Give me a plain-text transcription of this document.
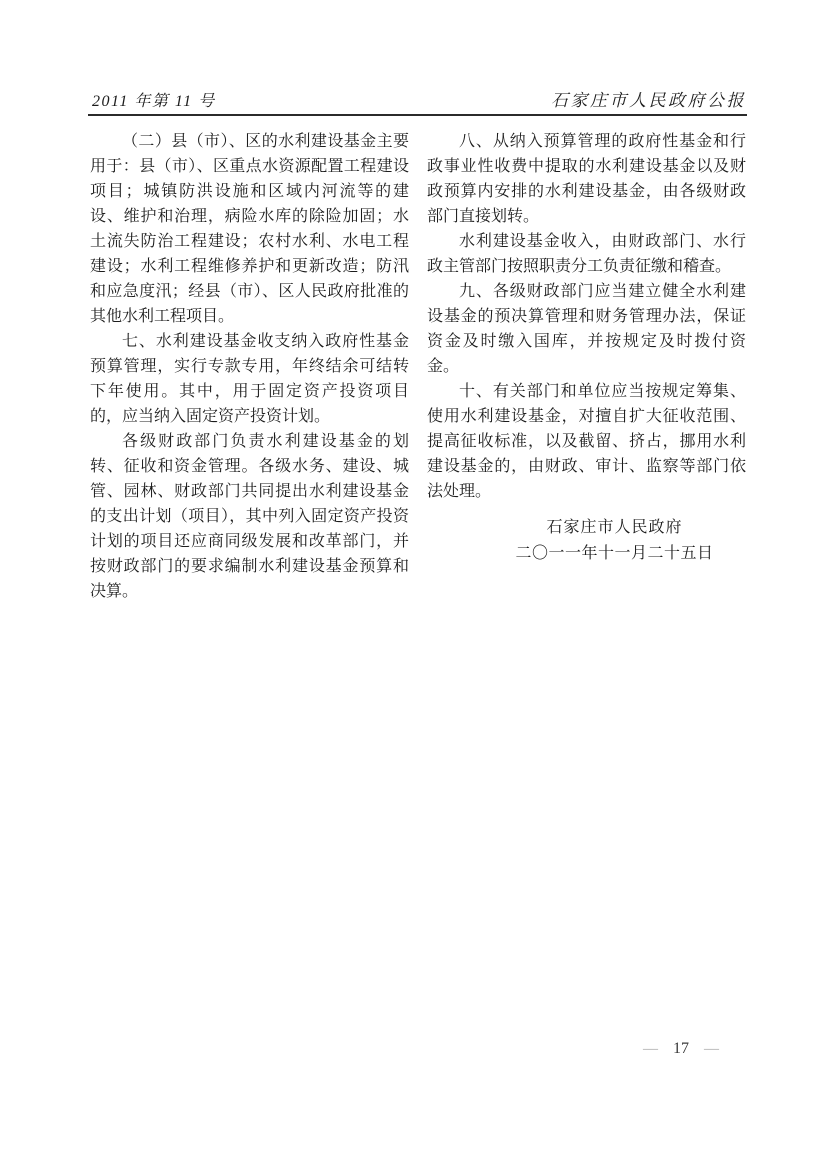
2011 年第 11 号	石家庄市人民政府公报

（二）县（市）、区的水利建设基金主要用于：县（市）、区重点水资源配置工程建设项目；城镇防洪设施和区域内河流等的建设、维护和治理，病险水库的除险加固；水土流失防治工程建设；农村水利、水电工程建设；水利工程维修养护和更新改造；防汛和应急度汛；经县（市）、区人民政府批准的其他水利工程项目。

七、水利建设基金收支纳入政府性基金预算管理，实行专款专用，年终结余可结转下年使用。其中，用于固定资产投资项目的，应当纳入固定资产投资计划。

各级财政部门负责水利建设基金的划转、征收和资金管理。各级水务、建设、城管、园林、财政部门共同提出水利建设基金的支出计划（项目），其中列入固定资产投资计划的项目还应商同级发展和改革部门，并按财政部门的要求编制水利建设基金预算和决算。

八、从纳入预算管理的政府性基金和行政事业性收费中提取的水利建设基金以及财政预算内安排的水利建设基金，由各级财政部门直接划转。

水利建设基金收入，由财政部门、水行政主管部门按照职责分工负责征缴和稽查。

九、各级财政部门应当建立健全水利建设基金的预决算管理和财务管理办法，保证资金及时缴入国库，并按规定及时拨付资金。

十、有关部门和单位应当按规定筹集、使用水利建设基金，对擅自扩大征收范围、提高征收标准，以及截留、挤占，挪用水利建设基金的，由财政、审计、监察等部门依法处理。

石家庄市人民政府
二〇一一年十一月二十五日
— 17 —
